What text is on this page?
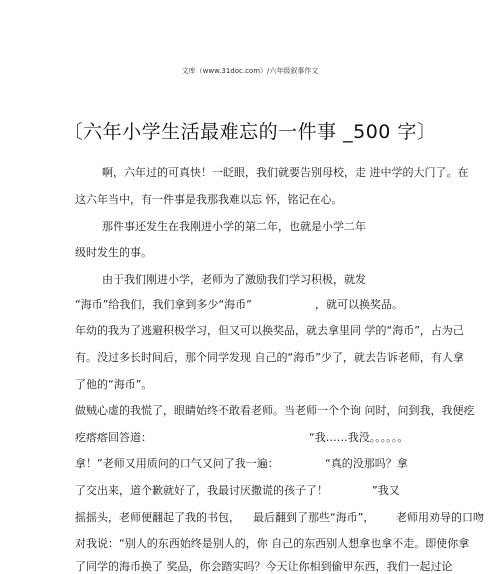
文库（www.31doc.com）/六年级叙事作文
〔六年小学生活最难忘的一件事 _500 字〕
啊，六年过的可真快！一眨眼，我们就要告别母校，走 进中学的大门了。在
这六年当中，有一件事是我那我难以忘 怀，铭记在心。
那件事还发生在我刚进小学的第二年，也就是小学二年
级时发生的事。
由于我们刚进小学，老师为了激励我们学习积极，就发
“海币”给我们，我们拿到多少“海币”	，就可以换奖品。
年幼的我为了逃避积极学习，但又可以换奖品，就去拿里同 学的“海币”，占为己
有。没过多长时间后，那个同学发现 自己的“海币”少了，就去告诉老师，有人拿
了他的“海币”。
做贼心虚的我慌了，眼睛始终不敢看老师。当老师一个个询 问时，问到我，我便疙
疙瘩瘩回答道：	“我……我没。。。。。。
拿！”老师又用质问的口气又问了我一遍：	“真的没那吗？拿
了交出来，道个歉就好了，我最讨厌撒谎的孩子了！	”我又
摇摇头，老师便翻起了我的书包， 最后翻到了那些“海币”， 老师用劝导的口吻
对我说：“别人的东西始终是别人的，你 自己的东西别人想拿也拿不走。即使你拿
了同学的海币换了 奖品，你会踏实吗？今天让你相到偷甲东西，我们一起过论
